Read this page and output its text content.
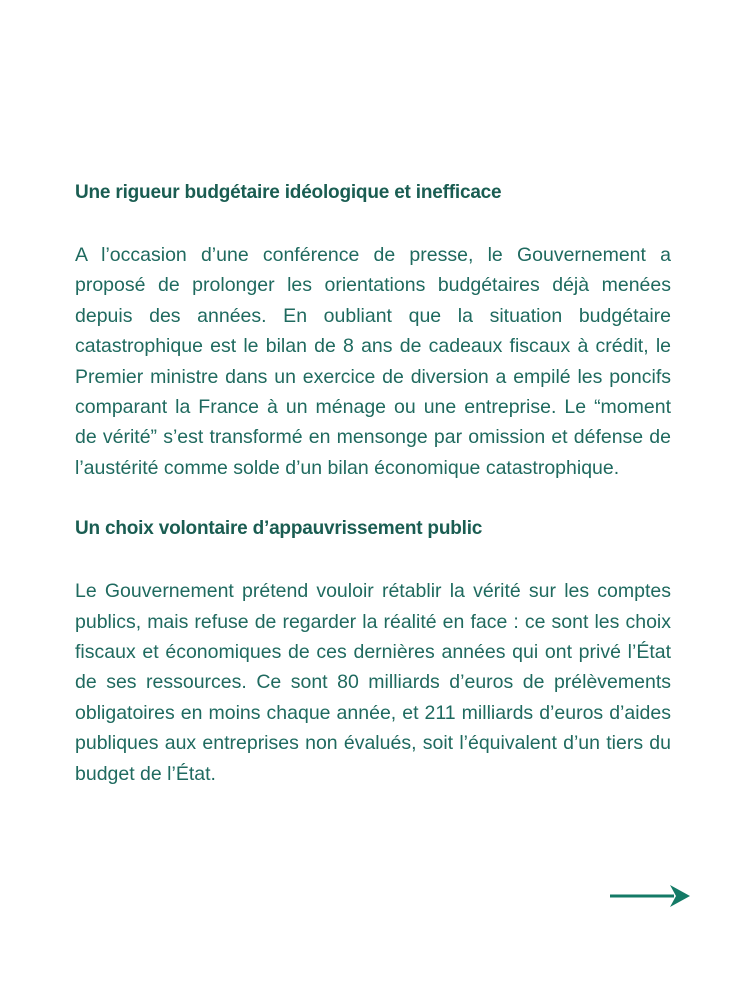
Une rigueur budgétaire idéologique et inefficace

A l’occasion d’une conférence de presse, le Gouvernement a proposé de prolonger les orientations budgétaires déjà menées depuis des années. En oubliant que la situation budgétaire catastrophique est le bilan de 8 ans de cadeaux fiscaux à crédit, le Premier ministre dans un exercice de diversion a empilé les poncifs comparant la France à un ménage ou une entreprise. Le “moment de vérité” s’est transformé en mensonge par omission et défense de l’austérité comme solde d’un bilan économique catastrophique.

Un choix volontaire d’appauvrissement public

Le Gouvernement prétend vouloir rétablir la vérité sur les comptes publics, mais refuse de regarder la réalité en face : ce sont les choix fiscaux et économiques de ces dernières années qui ont privé l’État de ses ressources. Ce sont 80 milliards d’euros de prélèvements obligatoires en moins chaque année, et 211 milliards d’euros d’aides publiques aux entreprises non évalués, soit l’équivalent d’un tiers du budget de l’État.
